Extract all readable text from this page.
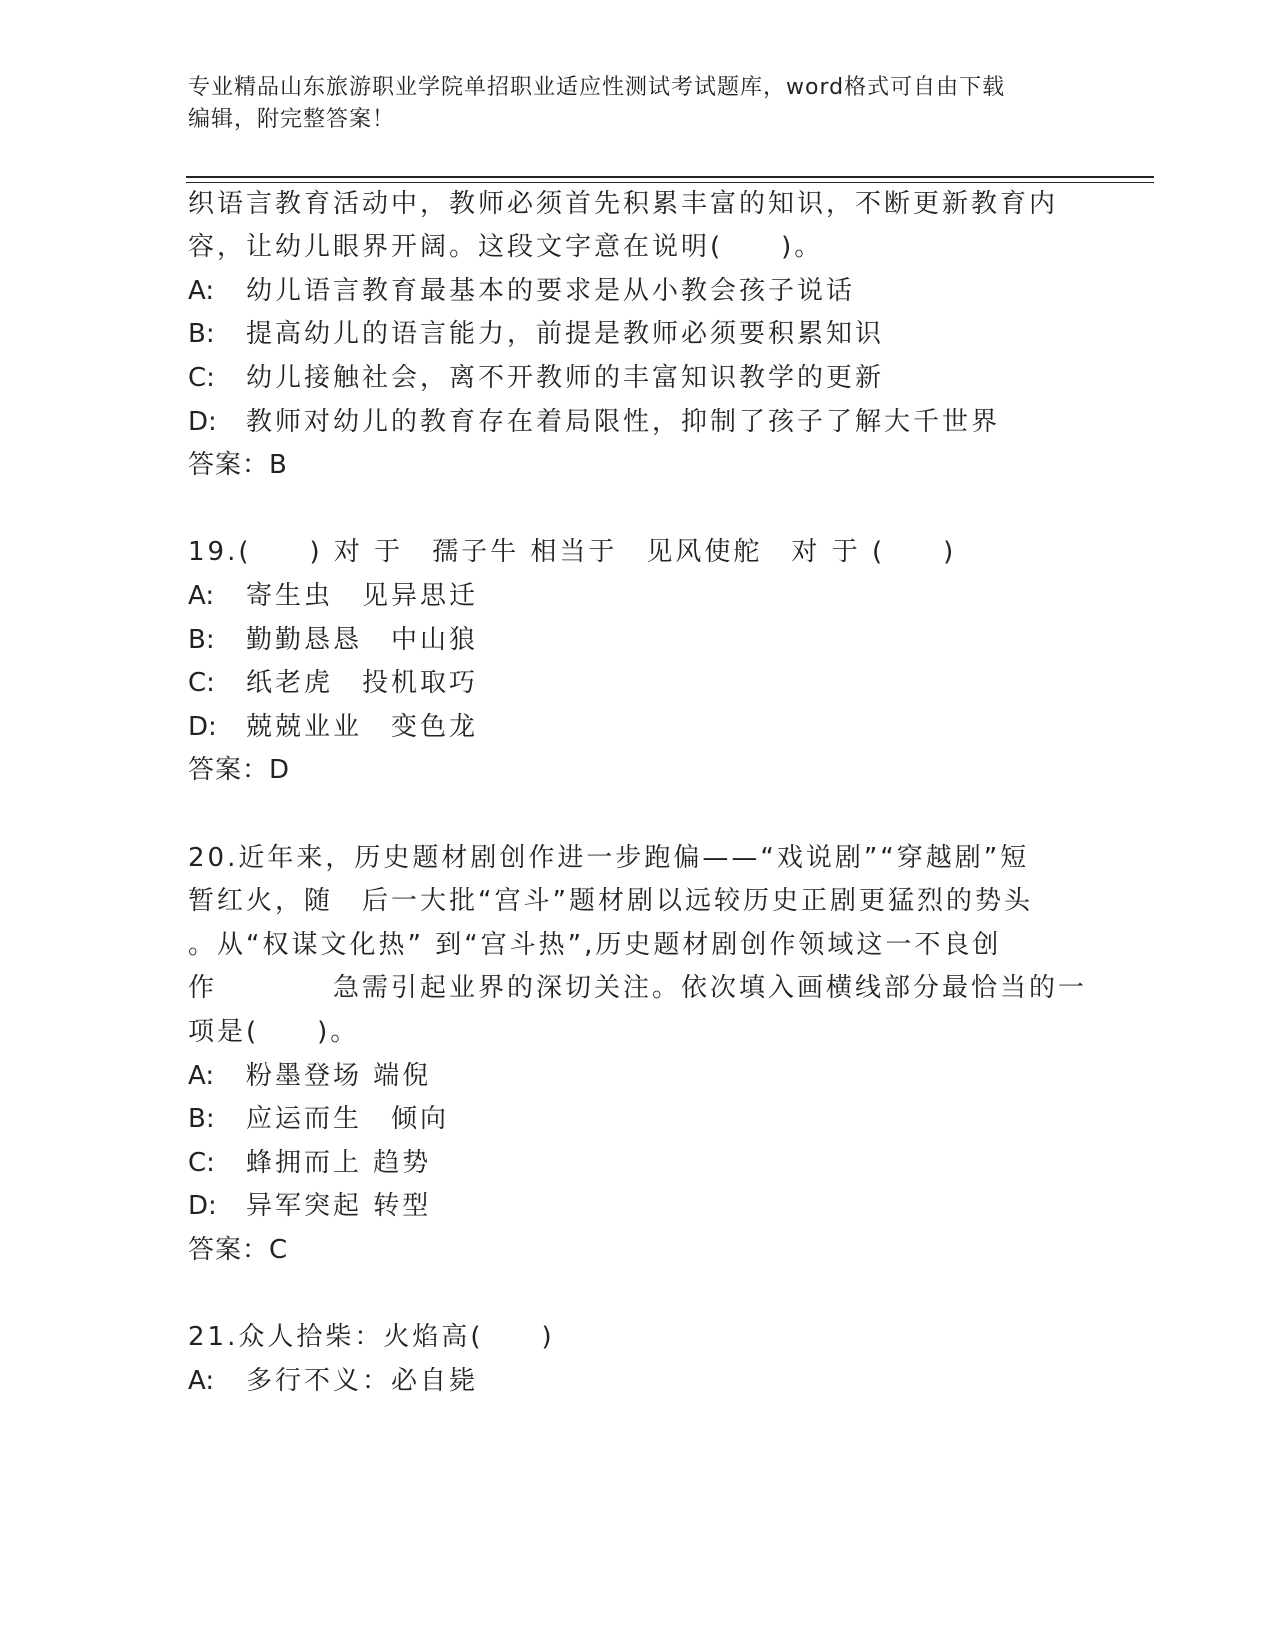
专业精品山东旅游职业学院单招职业适应性测试考试题库，word格式可自由下载
编辑，附完整答案！
织语言教育活动中，教师必须首先积累丰富的知识，不断更新教育内
容，让幼儿眼界开阔。这段文字意在说明(　　)。
A: 幼儿语言教育最基本的要求是从小教会孩子说话
B: 提高幼儿的语言能力，前提是教师必须要积累知识
C: 幼儿接触社会，离不开教师的丰富知识教学的更新
D: 教师对幼儿的教育存在着局限性，抑制了孩子了解大千世界
答案：B
19.(　　) 对 于　孺子牛 相当于　见风使舵　对 于 (　　)
A: 寄生虫　见异思迁
B: 勤勤恳恳　中山狼
C: 纸老虎　投机取巧
D: 兢兢业业　变色龙
答案：D
20.近年来，历史题材剧创作进一步跑偏——“戏说剧”“穿越剧”短
暂红火，随　后一大批“宫斗”题材剧以远较历史正剧更猛烈的势头
。从“权谋文化热” 到“宫斗热”,历史题材剧创作领域这一不良创
作　　　　急需引起业界的深切关注。依次填入画横线部分最恰当的一
项是(　　)。
A: 粉墨登场 端倪
B: 应运而生　倾向
C: 蜂拥而上 趋势
D: 异军突起 转型
答案：C
21.众人拾柴：火焰高(　　)
A: 多行不义：必自毙
